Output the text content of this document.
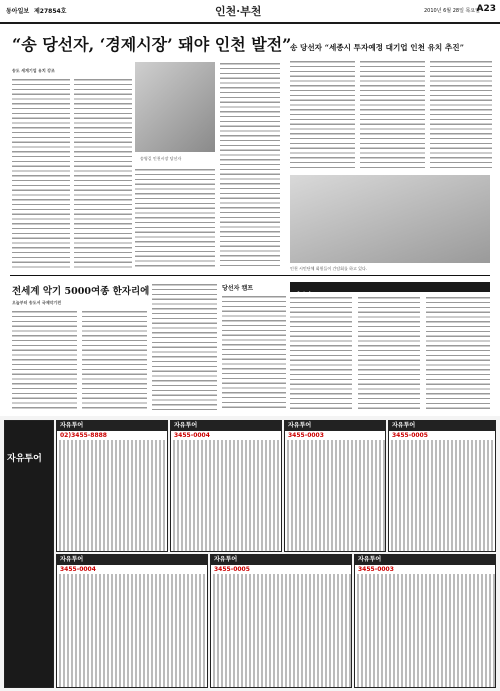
동아일보 제27854호	인천·부천	2010년 6월 28일 목요일
A23
“송 당선자, ‘경제시장’ 돼야 인천 발전”
송도 세계기업 유치 강조
송영길 인천시장 당선자
송 당선자 “세종시 투자예정 대기업 인천 유치 추진”
인천 시민단체 회원들이 간담회를 하고 있다.
전세계 악기 5000여종 한자리에
오늘부터 송도서 국제악기전
당선자 캠프
자유투어
자유투어
02)3455-8888
자유투어
3455-0004
자유투어
3455-0003
자유투어
3455-0005
자유투어
3455-0004
자유투어
3455-0005
자유투어
3455-0003
